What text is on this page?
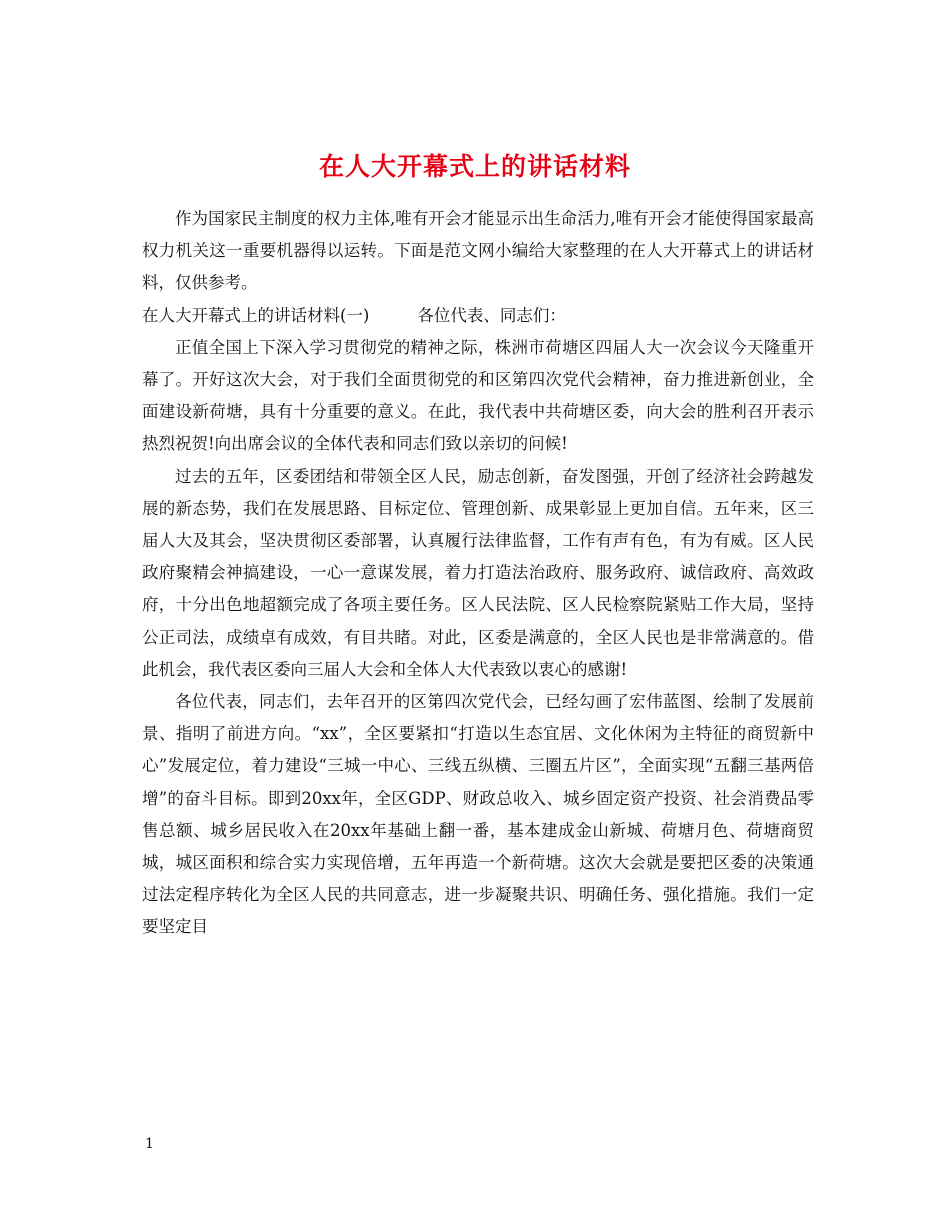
在人大开幕式上的讲话材料

作为国家民主制度的权力主体,唯有开会才能显示出生命活力,唯有开会才能使得国家最高权力机关这一重要机器得以运转。下面是范文网小编给大家整理的在人大开幕式上的讲话材料，仅供参考。

在人大开幕式上的讲话材料(一)	各位代表、同志们：

正值全国上下深入学习贯彻党的精神之际，株洲市荷塘区四届人大一次会议今天隆重开幕了。开好这次大会，对于我们全面贯彻党的和区第四次党代会精神，奋力推进新创业，全面建设新荷塘，具有十分重要的意义。在此，我代表中共荷塘区委，向大会的胜利召开表示热烈祝贺!向出席会议的全体代表和同志们致以亲切的问候!

过去的五年，区委团结和带领全区人民，励志创新，奋发图强，开创了经济社会跨越发展的新态势，我们在发展思路、目标定位、管理创新、成果彰显上更加自信。五年来，区三届人大及其会，坚决贯彻区委部署，认真履行法律监督，工作有声有色，有为有威。区人民政府聚精会神搞建设，一心一意谋发展，着力打造法治政府、服务政府、诚信政府、高效政府，十分出色地超额完成了各项主要任务。区人民法院、区人民检察院紧贴工作大局，坚持公正司法，成绩卓有成效，有目共睹。对此，区委是满意的，全区人民也是非常满意的。借此机会，我代表区委向三届人大会和全体人大代表致以衷心的感谢!

各位代表，同志们，去年召开的区第四次党代会，已经勾画了宏伟蓝图、绘制了发展前景、指明了前进方向。“xx”，全区要紧扣“打造以生态宜居、文化休闲为主特征的商贸新中心”发展定位，着力建设“三城一中心、三线五纵横、三圈五片区”，全面实现“五翻三基两倍增”的奋斗目标。即到20xx年，全区GDP、财政总收入、城乡固定资产投资、社会消费品零售总额、城乡居民收入在20xx年基础上翻一番，基本建成金山新城、荷塘月色、荷塘商贸城，城区面积和综合实力实现倍增，五年再造一个新荷塘。这次大会就是要把区委的决策通过法定程序转化为全区人民的共同意志，进一步凝聚共识、明确任务、强化措施。我们一定要坚定目

1
